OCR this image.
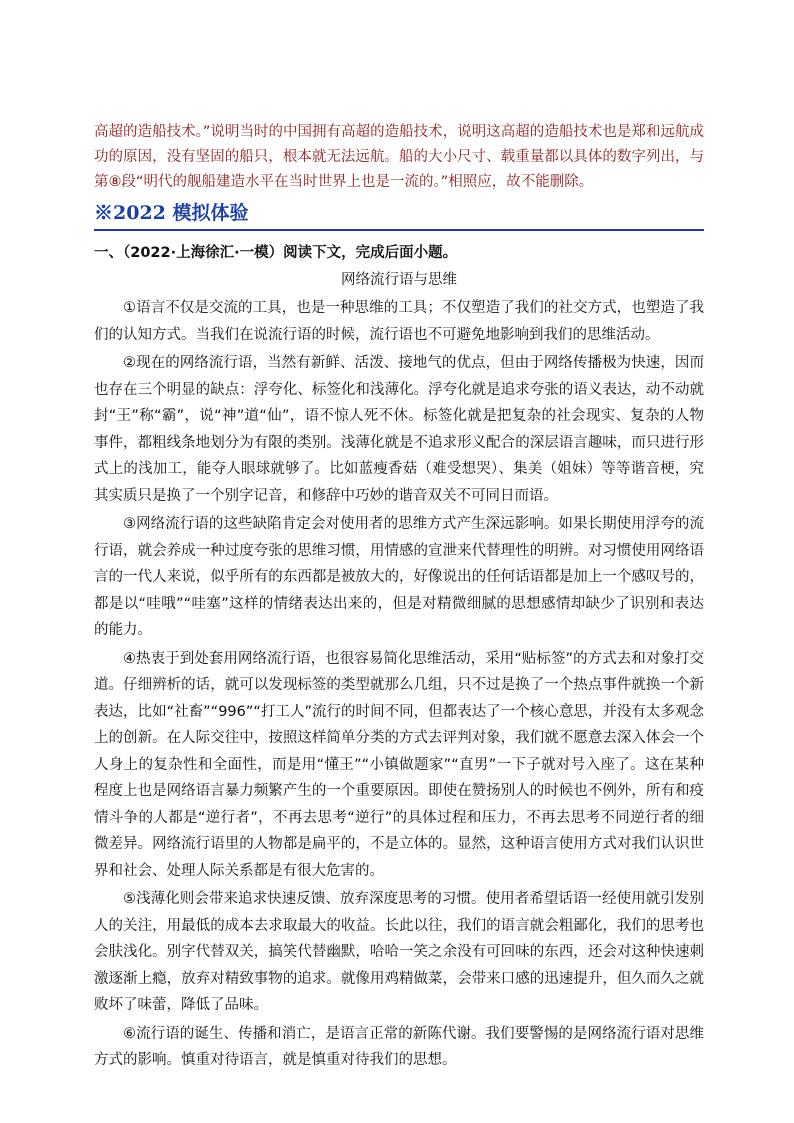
高超的造船技术。”说明当时的中国拥有高超的造船技术，说明这高超的造船技术也是郑和远航成功的原因，没有坚固的船只，根本就无法远航。船的大小尺寸、载重量都以具体的数字列出，与第⑧段“明代的舰船建造水平在当时世界上也是一流的。”相照应，故不能删除。

※2022 模拟体验
一、（2022·上海徐汇·一模）阅读下文，完成后面小题。
网络流行语与思维

①语言不仅是交流的工具，也是一种思维的工具；不仅塑造了我们的社交方式，也塑造了我们的认知方式。当我们在说流行语的时候，流行语也不可避免地影响到我们的思维活动。

②现在的网络流行语，当然有新鲜、活泼、接地气的优点，但由于网络传播极为快速，因而也存在三个明显的缺点：浮夸化、标签化和浅薄化。浮夸化就是追求夸张的语义表达，动不动就封“王”称“霸”，说“神”道“仙”，语不惊人死不休。标签化就是把复杂的社会现实、复杂的人物事件，都粗线条地划分为有限的类别。浅薄化就是不追求形义配合的深层语言趣味，而只进行形式上的浅加工，能夺人眼球就够了。比如蓝瘦香菇（难受想哭）、集美（姐妹）等等谐音梗，究其实质只是换了一个别字记音，和修辞中巧妙的谐音双关不可同日而语。

③网络流行语的这些缺陷肯定会对使用者的思维方式产生深远影响。如果长期使用浮夸的流行语，就会养成一种过度夸张的思维习惯，用情感的宣泄来代替理性的明辨。对习惯使用网络语言的一代人来说，似乎所有的东西都是被放大的，好像说出的任何话语都是加上一个感叹号的，都是以“哇哦”“哇塞”这样的情绪表达出来的，但是对精微细腻的思想感情却缺少了识别和表达的能力。

④热衷于到处套用网络流行语，也很容易简化思维活动，采用“贴标签”的方式去和对象打交道。仔细辨析的话，就可以发现标签的类型就那么几组，只不过是换了一个热点事件就换一个新表达，比如“社畜”“996”“打工人”流行的时间不同，但都表达了一个核心意思，并没有太多观念上的创新。在人际交往中，按照这样简单分类的方式去评判对象，我们就不愿意去深入体会一个人身上的复杂性和全面性，而是用“懂王”“小镇做题家”“直男”一下子就对号入座了。这在某种程度上也是网络语言暴力频繁产生的一个重要原因。即使在赞扬别人的时候也不例外，所有和疫情斗争的人都是“逆行者”，不再去思考“逆行”的具体过程和压力，不再去思考不同逆行者的细微差异。网络流行语里的人物都是扁平的，不是立体的。显然，这种语言使用方式对我们认识世界和社会、处理人际关系都是有很大危害的。

⑤浅薄化则会带来追求快速反馈、放弃深度思考的习惯。使用者希望话语一经使用就引发别人的关注，用最低的成本去求取最大的收益。长此以往，我们的语言就会粗鄙化，我们的思考也会肤浅化。别字代替双关，搞笑代替幽默，哈哈一笑之余没有可回味的东西，还会对这种快速刺激逐渐上瘾，放弃对精致事物的追求。就像用鸡精做菜，会带来口感的迅速提升，但久而久之就败坏了味蕾，降低了品味。

⑥流行语的诞生、传播和消亡，是语言正常的新陈代谢。我们要警惕的是网络流行语对思维方式的影响。慎重对待语言，就是慎重对待我们的思想。
